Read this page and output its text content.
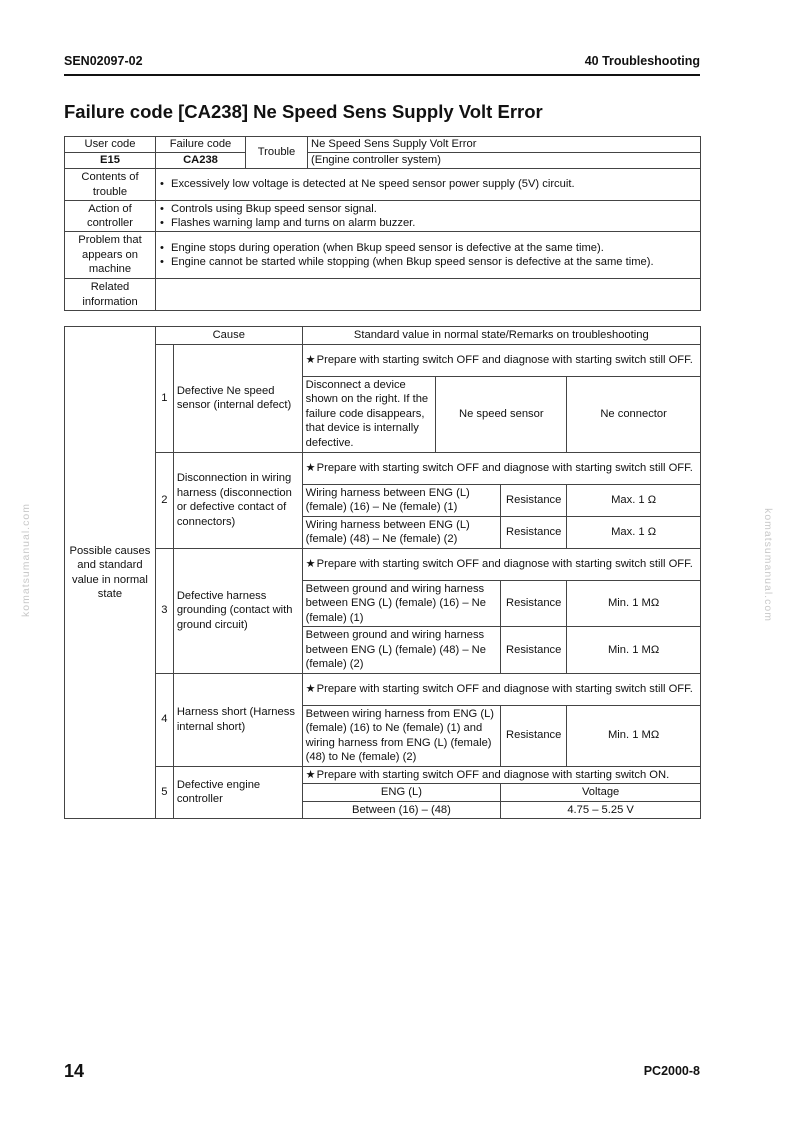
SEN02097-02	40 Troubleshooting
Failure code [CA238] Ne Speed Sens Supply Volt Error
User code	Failure code	Trouble	Ne Speed Sens Supply Volt Error
E15	CA238		(Engine controller system)
Contents of trouble	• Excessively low voltage is detected at Ne speed sensor power supply (5V) circuit.		

Action of controller	• Controls using Bkup speed sensor signal.
• Flashes warning lamp and turns on alarm buzzer.		

Problem that appears on machine	• Engine stops during operation (when Bkup speed sensor is defective at the same time).
• Engine cannot be started while stopping (when Bkup speed sensor is defective at the same time).		

Related information			
Possible causes and standard value in normal state	Cause		Standard value in normal state/Remarks on troubleshooting			
	1	Defective Ne speed sensor (internal defect)	★ Prepare with starting switch OFF and diagnose with starting switch still OFF.			

			Disconnect a device shown on the right. If the failure code disappears, that device is internally defective.	Ne speed sensor		Ne connector
	2	Disconnection in wiring harness (disconnection or defective contact of connectors)	★ Prepare with starting switch OFF and diagnose with starting switch still OFF.			

			Wiring harness between ENG (L) (female) (16) – Ne (female) (1)		Resistance	Max. 1 Ω
			Wiring harness between ENG (L) (female) (48) – Ne (female) (2)		Resistance	Max. 1 Ω
	3	Defective harness grounding (contact with ground circuit)	★ Prepare with starting switch OFF and diagnose with starting switch still OFF.			

			Between ground and wiring harness between ENG (L) (female) (16) – Ne (female) (1)		Resistance	Min. 1 MΩ
			Between ground and wiring harness between ENG (L) (female) (48) – Ne (female) (2)		Resistance	Min. 1 MΩ
	4	Harness short (Harness internal short)	★ Prepare with starting switch OFF and diagnose with starting switch still OFF.			

			Between wiring harness from ENG (L) (female) (16) to Ne (female) (1) and wiring harness from ENG (L) (female) (48) to Ne (female) (2)		Resistance	Min. 1 MΩ
	5	Defective engine controller	★ Prepare with starting switch OFF and diagnose with starting switch ON.			

			ENG (L)		Voltage	
			Between (16) – (48)		4.75 – 5.25 V	
komatsumanual.com	komatsumanual.com
14	PC2000-8
